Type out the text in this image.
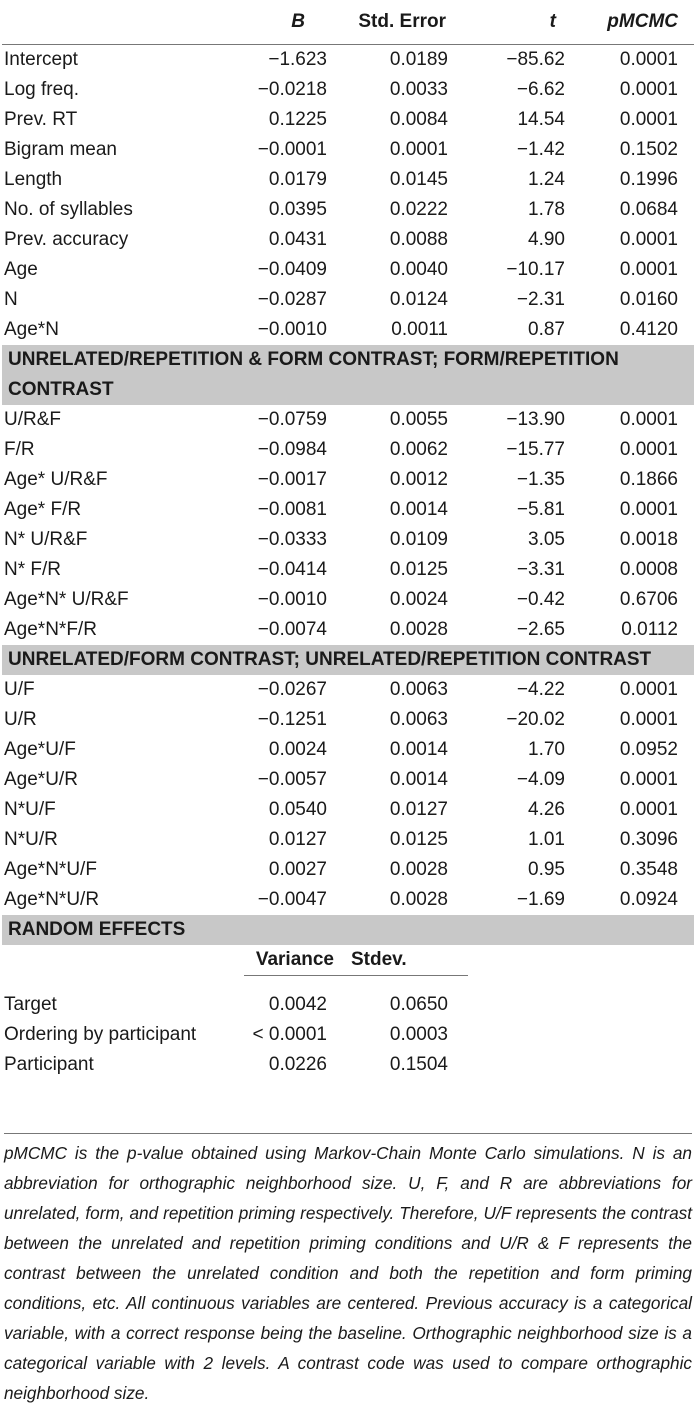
	B	Std. Error	t	pMCMC
Intercept	−1.623	0.0189	−85.62	0.0001
Log freq.	−0.0218	0.0033	−6.62	0.0001
Prev. RT	0.1225	0.0084	14.54	0.0001
Bigram mean	−0.0001	0.0001	−1.42	0.1502
Length	0.0179	0.0145	1.24	0.1996
No. of syllables	0.0395	0.0222	1.78	0.0684
Prev. accuracy	0.0431	0.0088	4.90	0.0001
Age	−0.0409	0.0040	−10.17	0.0001
N	−0.0287	0.0124	−2.31	0.0160
Age*N	−0.0010	0.0011	0.87	0.4120
UNRELATED/REPETITION & FORM CONTRAST; FORM/REPETITION CONTRAST				
U/R&F	−0.0759	0.0055	−13.90	0.0001
F/R	−0.0984	0.0062	−15.77	0.0001
Age* U/R&F	−0.0017	0.0012	−1.35	0.1866
Age* F/R	−0.0081	0.0014	−5.81	0.0001
N* U/R&F	−0.0333	0.0109	3.05	0.0018
N* F/R	−0.0414	0.0125	−3.31	0.0008
Age*N* U/R&F	−0.0010	0.0024	−0.42	0.6706
Age*N*F/R	−0.0074	0.0028	−2.65	0.0112
UNRELATED/FORM CONTRAST; UNRELATED/REPETITION CONTRAST				
U/F	−0.0267	0.0063	−4.22	0.0001
U/R	−0.1251	0.0063	−20.02	0.0001
Age*U/F	0.0024	0.0014	1.70	0.0952
Age*U/R	−0.0057	0.0014	−4.09	0.0001
N*U/F	0.0540	0.0127	4.26	0.0001
N*U/R	0.0127	0.0125	1.01	0.3096
Age*N*U/F	0.0027	0.0028	0.95	0.3548
Age*N*U/R	−0.0047	0.0028	−1.69	0.0924
RANDOM EFFECTS				
	Variance	Stdev.		

Target	0.0042	0.0650		
Ordering by participant	< 0.0001	0.0003		
Participant	0.0226	0.1504		
pMCMC is the p-value obtained using Markov-Chain Monte Carlo simulations. N is an abbreviation for orthographic neighborhood size. U, F, and R are abbreviations for unrelated, form, and repetition priming respectively. Therefore, U/F represents the contrast between the unrelated and repetition priming conditions and U/R & F represents the contrast between the unrelated condition and both the repetition and form priming conditions, etc. All continuous variables are centered. Previous accuracy is a categorical variable, with a correct response being the baseline. Orthographic neighborhood size is a categorical variable with 2 levels. A contrast code was used to compare orthographic neighborhood size.
